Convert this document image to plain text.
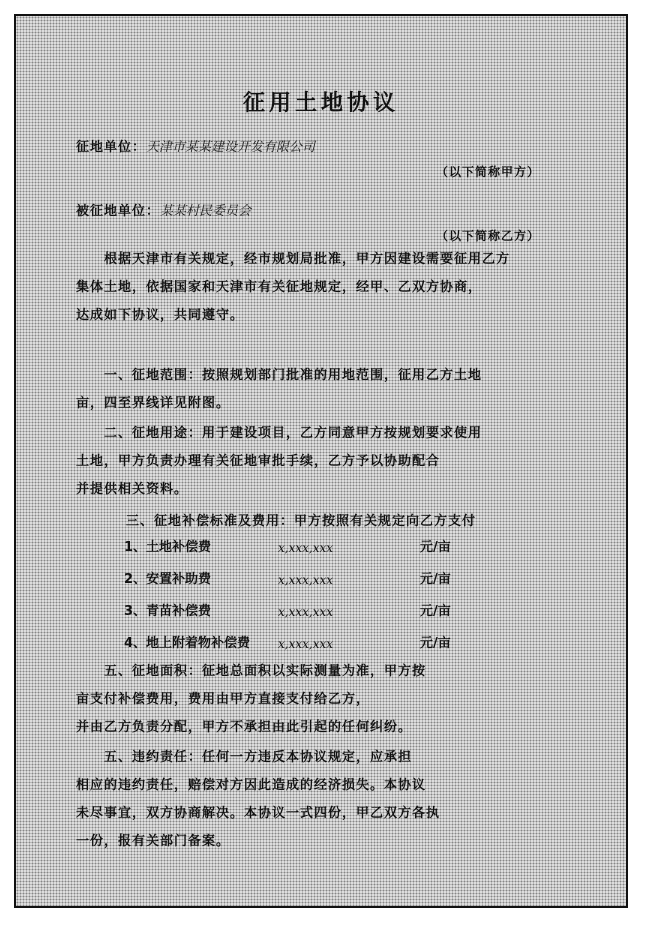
征用土地协议
征地单位：天津市某某建设开发有限公司
（以下简称甲方）
被征地单位：某某村民委员会
（以下简称乙方）
根据天津市有关规定，经市规划局批准，甲方因建设需要征用乙方
集体土地，依据国家和天津市有关征地规定，经甲、乙双方协商，
达成如下协议，共同遵守。
一、征地范围：按照规划部门批准的用地范围，征用乙方土地
亩，四至界线详见附图。
二、征地用途：用于建设项目，乙方同意甲方按规划要求使用
土地，甲方负责办理有关征地审批手续，乙方予以协助配合
并提供相关资料。
三、征地补偿标准及费用：甲方按照有关规定向乙方支付
1、土地补偿费	x,xxx,xxx	元/亩
2、安置补助费	x,xxx,xxx	元/亩
3、青苗补偿费	x,xxx,xxx	元/亩
4、地上附着物补偿费 x,xxx,xxx	元/亩
五、征地面积：征地总面积以实际测量为准，甲方按
亩支付补偿费用，费用由甲方直接支付给乙方，
并由乙方负责分配，甲方不承担由此引起的任何纠纷。
五、违约责任：任何一方违反本协议规定，应承担
相应的违约责任，赔偿对方因此造成的经济损失。本协议
未尽事宜，双方协商解决。本协议一式四份，甲乙双方各执
一份，报有关部门备案。
